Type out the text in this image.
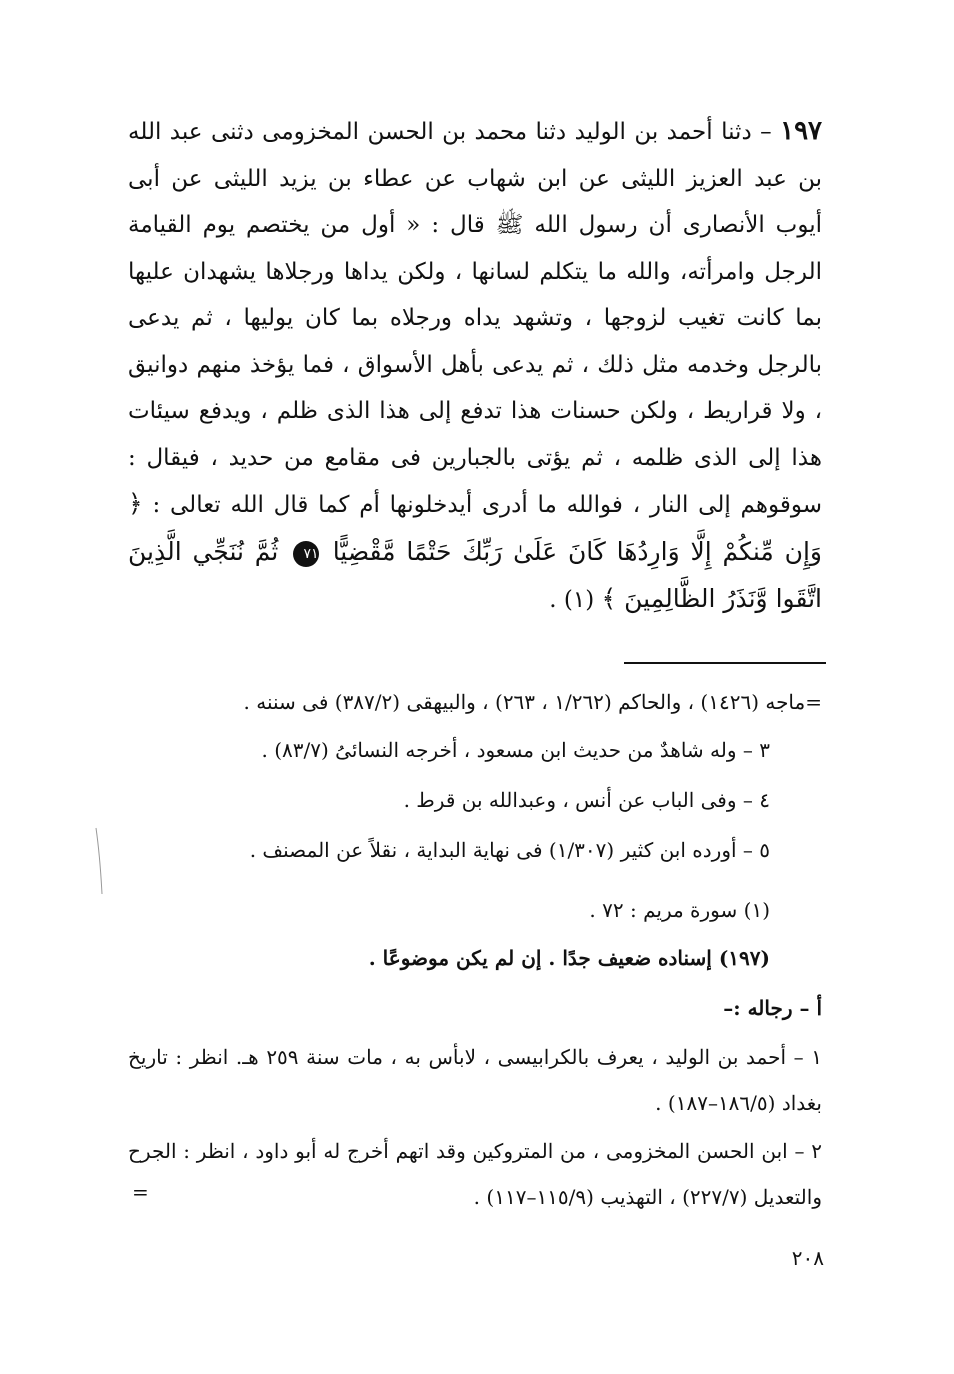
١٩٧ – دثنا أحمد بن الوليد دثنا محمد بن الحسن المخزومى دثنى عبد الله بن عبد العزيز الليثى عن ابن شهاب عن عطاء بن يزيد الليثى عن أبى أيوب الأنصارى أن رسول الله ﷺ قال : « أول من يختصم يوم القيامة الرجل وامرأته، والله ما يتكلم لسانها ، ولكن يداها ورجلاها يشهدان عليها بما كانت تغيب لزوجها ، وتشهد يداه ورجلاه بما كان يوليها ، ثم يدعى بالرجل وخدمه مثل ذلك ، ثم يدعى بأهل الأسواق ، فما يؤخذ منهم دوانيق ، ولا قراريط ، ولكن حسنات هذا تدفع إلى هذا الذى ظلم ، ويدفع سيئات هذا إلى الذى ظلمه ، ثم يؤتى بالجبارين فى مقامع من حديد ، فيقال : سوقوهم إلى النار ، فوالله ما أدرى أيدخلونها أم كما قال الله تعالى : ﴿ وَإِن مِّنكُمْ إِلَّا وَارِدُهَا كَانَ عَلَىٰ رَبِّكَ حَتْمًا مَّقْضِيًّا ٧١ ثُمَّ نُنَجِّي الَّذِينَ اتَّقَوا وَّنَذَرُ الظَّالِمِينَ ﴾ (١) .

=ماجه (١٤٢٦) ، والحاكم (١/٢٦٢ ، ٢٦٣) ، والبيهقى (٣٨٧/٢) فى سننه .
٣ – وله شاهدٌ من حديث ابن مسعود ، أخرجه النسائىُ (٨٣/٧) .
٤ – وفى الباب عن أنس ، وعبدالله بن قرط .
٥ – أورده ابن كثير (١/٣٠٧) فى نهاية البداية ، نقلاً عن المصنف .
(١) سورة مريم : ٧٢ .
(١٩٧) إسناده ضعيف جدًا . إن لم يكن موضوعًا .
أ – رجاله :–

١ – أحمد بن الوليد ، يعرف بالكرابيسى ، لابأس به ، مات سنة ٢٥٩ هـ. انظر : تاريخ بغداد (١٨٦/٥–١٨٧) .

٢ – ابن الحسن المخزومى ، من المتروكين وقد اتهم أخرج له أبو داود ، انظر : الجرح والتعديل (٢٢٧/٧) ، التهذيب (١١٥/٩–١١٧) .

=
٢٠٨
